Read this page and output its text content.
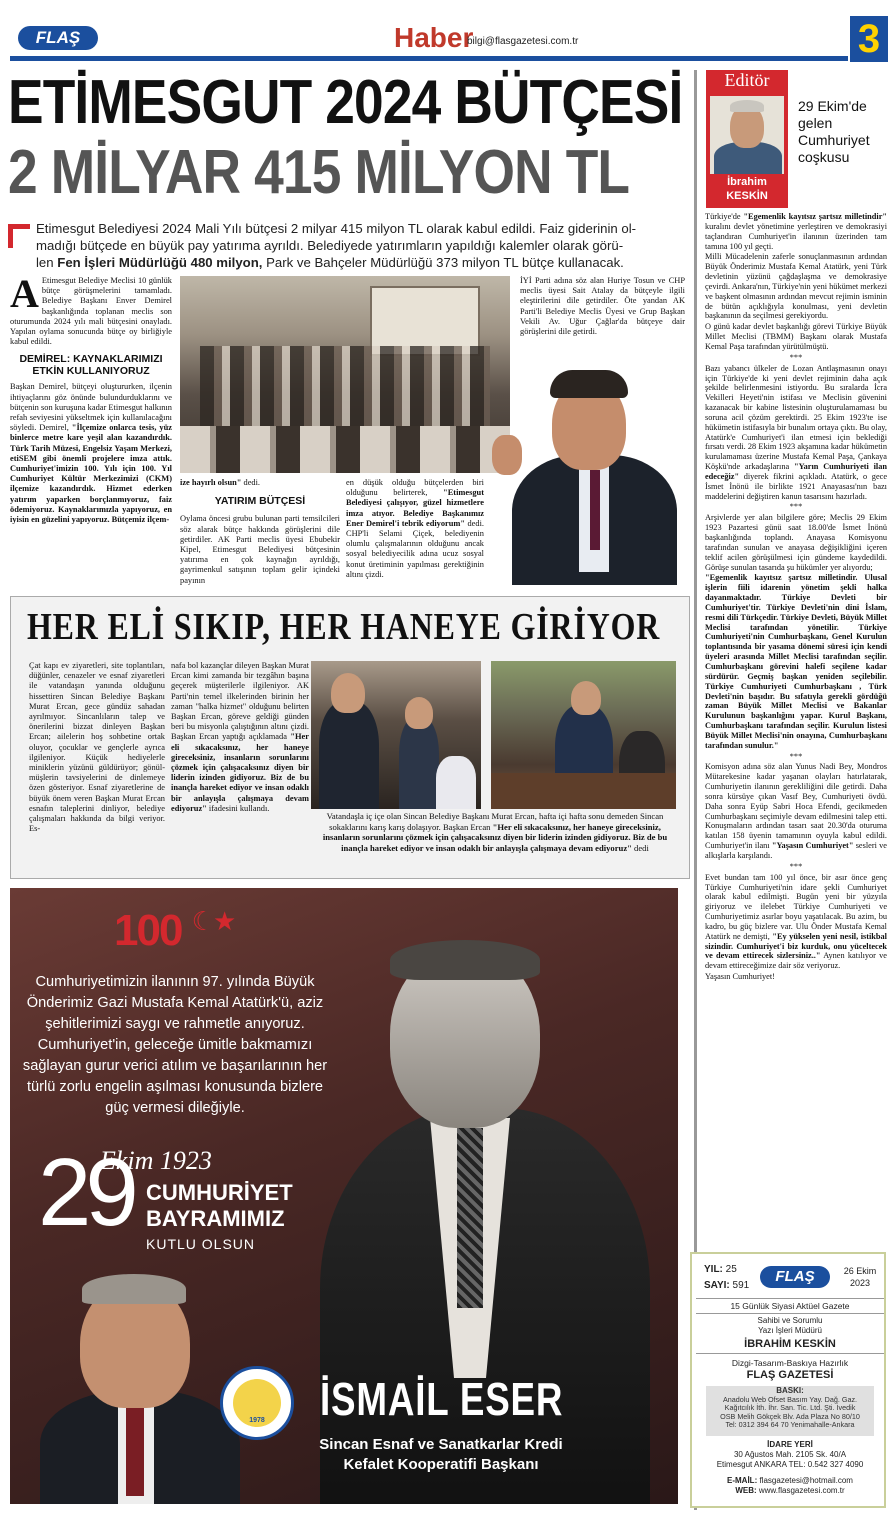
FLAŞ	Haber
bilgi@flasgazetesi.com.tr	3
ETİMESGUT 2024 BÜTÇESİ
2 MİLYAR 415 MİLYON TL
Etimesgut Belediyesi 2024 Mali Yılı bütçesi 2 milyar 415 milyon TL olarak kabul edildi. Faiz giderinin ol-
madığı bütçede en büyük pay yatırıma ayrıldı. Belediyede yatırımların yapıldığı kalemler olarak görü-
len Fen İşleri Müdürlüğü 480 milyon, Park ve Bahçeler Müdürlüğü 373 milyon TL bütçe kullanacak.
A Etimesgut Belediye Meclisi 10 günlük bütçe görüşmelerini tamamladı. Belediye Başkanı Enver Demirel başkanlığında toplanan meclis son oturumunda 2024 yılı mali bütçesini onayladı. Yapılan oylama sonucunda bütçe oy birliğiyle kabul edildi.

DEMİREL: KAYNAKLARIMIZI ETKİN KULLANIYORUZ

Başkan Demirel, bütçeyi oluştururken, ilçenin ihtiyaçlarını göz önünde bulundurduklarını ve bütçenin son kuruşuna kadar Etimesgut halkının refah seviyesini yükseltmek için kullanılacağını söyledi. Demirel, "İlçemize onlarca tesis, yüz binlerce metre kare yeşil alan kazandırdık. Türk Tarih Müzesi, Engelsiz Yaşam Merkezi, etiSEM gibi önemli projelere imza attık. Cumhuriyet'imizin 100. Yılı için 100. Yıl Cumhuriyet Kültür Merkezimizi (CKM) ilçemize kazandırdık. Hizmet ederken yatırım yaparken borçlanmıyoruz, faiz ödemiyoruz. Kaynaklarımızla yapıyoruz, en iyisin en güzelini yapıyoruz. Bütçemiz ilçem-

İYİ Parti adına söz alan Huriye Tosun ve CHP meclis üyesi Sait Atalay da bütçeyle ilgili eleştirilerini dile getirdiler. Öte yandan AK Parti'li Belediye Meclis Üyesi ve Grup Başkan Vekili Av. Uğur Çağlar'da bütçeye dair görüşlerini dile getirdi.

ize hayırlı olsun" dedi.

YATIRIM BÜTÇESİ

Oylama öncesi grubu bulunan parti temsilcileri söz alarak bütçe hakkında görüşlerini dile getirdiler. AK Parti meclis üyesi Ebubekir Kipel, Etimesgut Belediyesi bütçesinin yatırıma en çok kaynağın ayrıldığı, gayrimenkul satışının toplam gelir içindeki payının

en düşük olduğu bütçelerden biri olduğunu belirterek, "Etimesgut Belediyesi çalışıyor, güzel hizmetlere imza atıyor. Belediye Başkanımız Ener Demirel'i tebrik ediyorum" dedi. CHP'li Selami Çiçek, belediyenin olumlu çalışmalarının olduğunu ancak sosyal belediyecilik adına ucuz sosyal konut üretiminin yapılması gerektiğinin altını çizdi.

HER ELİ SIKIP, HER HANEYE GİRİYOR
Çat kapı ev ziyaretleri, site toplantıları, düğünler, cenazeler ve esnaf ziyaretleri ile vatandaşın yanında olduğunu hissettiren Sincan Belediye Başkanı Murat Ercan, gece gündüz sahadan ayrılmıyor. Sincanlıların talep ve önerilerini bizzat dinleyen Başkan Ercan; ailelerin hoş sohbetine ortak oluyor, çocuklar ve gençlerle ayrıca ilgileniyor. Küçük hediyelerle miniklerin yüzünü güldürüyor; gönülmüşlerin tavsiyelerini de dinlemeye özen gösteriyor. Esnaf ziyaretlerine de büyük önem veren Başkan Murat Ercan esnafın taleplerini dinliyor, belediye çalışmaları hakkında da bilgi veriyor. Es-
nafa bol kazançlar dileyen Başkan Murat Ercan kimi zamanda bir tezgâhın başına geçerek müşterilerle ilgileniyor. AK Parti'nin temel ilkelerinden birinin her zaman "halka hizmet" olduğunu belirten Başkan Ercan, göreve geldiği günden beri bu misyonla çalıştığının altını çizdi. Başkan Ercan yaptığı açıklamada "Her eli sıkacaksınız, her haneye gireceksiniz, insanların sorunlarını çözmek için çalışacaksınız diyen bir liderin izinden gidiyoruz. Biz de bu inançla hareket ediyor ve insan odaklı bir anlayışla çalışmaya devam ediyoruz" ifadesini kullandı.
Vatandaşla iç içe olan Sincan Belediye Başkanı Murat Ercan, hafta içi hafta sonu demeden Sincan sokaklarını karış karış dolaşıyor. Başkan Ercan "Her eli sıkacaksınız, her haneye gireceksiniz, insanların sorunlarını çözmek için çalışacaksınız diyen bir liderin izinden gidiyoruz. Biz de bu inançla hareket ediyor ve insan odaklı bir anlayışla çalışmaya devam ediyoruz" dedi
100 ☾★
Cumhuriyetimizin ilanının 97. yılında Büyük Önderimiz Gazi Mustafa Kemal Atatürk'ü, aziz şehitlerimizi saygı ve rahmetle anıyoruz. Cumhuriyet'in, geleceğe ümitle bakmamızı sağlayan gurur verici atılım ve başarılarının her türlü zorlu engelin aşılması konusunda bizlere güç vermesi dileğiyle.
29
Ekim 1923
CUMHURİYET
BAYRAMIMIZ
KUTLU OLSUN
1978	İSMAİL ESER
Sincan Esnaf ve Sanatkarlar Kredi
Kefalet Kooperatifi Başkanı
Editör
İbrahim
KESKİN
29 Ekim'de gelen Cumhuriyet coşkusu

Türkiye'de "Egemenlik kayıtsız şartsız milletindir" kuralını devlet yönetimine yerleştiren ve demokrasiyi taçlandıran Cumhuriyet'in ilanının üzerinden tam tamına 100 yıl geçti.

Milli Mücadelenin zaferle sonuçlanmasının ardından Büyük Önderimiz Mustafa Kemal Atatürk, yeni Türk devletinin yüzünü çağdaşlaşma ve demokrasiye çevirdi. Ankara'nın, Türkiye'nin yeni hükümet merkezi ve başkent olmasının ardından mevcut rejimin isminin de bütün açıklığıyla konulması, yeni devletin başkanının da seçilmesi gerekiyordu.

O günü kadar devlet başkanlığı görevi Türkiye Büyük Millet Meclisi (TBMM) Başkanı olarak Mustafa Kemal Paşa tarafından yürütülmüştü.

***

Bazı yabancı ülkeler de Lozan Antlaşmasının onayı için Türkiye'de ki yeni devlet rejiminin daha açık şekilde belirlenmesini istiyordu. Bu sıralarda İcra Vekilleri Heyeti'nin istifası ve Meclisin güvenini kazanacak bir kabine listesinin oluşturulamaması bu soruna acil çözüm gerektirdi. 25 Ekim 1923'te ise hükümetin istifasıyla bir bunalım ortaya çıktı. Bu olay, Atatürk'e Cumhuriyet'i ilan etmesi için beklediği fırsatı verdi. 28 Ekim 1923 akşamına kadar hükümetin kurulamaması üzerine Mustafa Kemal Paşa, Çankaya Köşkü'nde arkadaşlarına "Yarın Cumhuriyeti ilan edeceğiz" diyerek fikrini açıkladı. Atatürk, o gece İsmet İnönü ile birlikte 1921 Anayasası'nın bazı maddelerini değiştiren kanun tasarısını hazırladı.

***

Arşivlerde yer alan bilgilere göre; Meclis 29 Ekim 1923 Pazartesi günü saat 18.00'de İsmet İnönü başkanlığında toplandı. Anayasa Komisyonu tarafından sunulan ve anayasa değişikliğini içeren teklif acilen görüşülmesi için gündeme kaydedildi. Görüşe sunulan tasarıda şu hükümler yer alıyordu;

"Egemenlik kayıtsız şartsız milletindir. Ulusal işlerin fiili idarenin yönetim şekli halka dayanmaktadır. Türkiye Devleti bir Cumhuriyet'tir. Türkiye Devleti'nin dini İslam, resmi dili Türkçedir. Türkiye Devleti, Büyük Millet Meclisi tarafından yönetilir. Türkiye Cumhuriyeti'nin Cumhurbaşkanı, Genel Kurulun toplantısında bir yasama dönemi süresi için kendi üyeleri arasında Millet Meclisi tarafından seçilir. Cumhurbaşkanı görevini halefi seçilene kadar sürdürür. Geçmiş başkan yeniden seçilebilir. Türkiye Cumhuriyeti Cumhurbaşkanı , Türk Devleti'nin başıdır. Bu sıfatıyla gerekli gördüğü zaman Büyük Millet Meclisi ve Bakanlar Kurulunun başkanlığını yapar. Kurul Başkanı, Cumhurbaşkanı tarafından seçilir. Kurulun listesi Büyük Millet Meclisi'nin onayına, Cumhurbaşkanı tarafından sunulur."

***

Komisyon adına söz alan Yunus Nadi Bey, Mondros Mütarekesine kadar yaşanan olayları hatırlatarak, Cumhuriyetin ilanının gerekliliğini dile getirdi. Daha sonra kürsüye çıkan Vasıf Bey, Cumhuriyeti övdü. Daha sonra Eyüp Sabri Hoca Efendi, gecikmeden Cumhurbaşkanı seçimiyle devam edilmesini talep etti. Konuşmaların ardından tasarı saat 20.30'da oturuma katılan 158 üyenin tamamının oyuyla kabul edildi. Cumhuriyet'in ilanı "Yaşasın Cumhuriyet" sesleri ve alkışlarla karşılandı.

***

Evet bundan tam 100 yıl önce, bir asır önce genç Türkiye Cumhuriyeti'nin idare şekli Cumhuriyet olarak kabul edilmişti. Bugün yeni bir yüzyıla giriyoruz ve ilelebet Türkiye Cumhuriyeti ve Cumhuriyetimiz asırlar boyu yaşatılacak. Bu azim, bu kadro, bu güç bizlere var. Ulu Önder Mustafa Kemal Atatürk ne demişti, "Ey yükselen yeni nesil, istikbal sizindir. Cumhuriyet'i biz kurduk, onu yüceltecek ve devam ettirecek sizlersiniz.." Aynen katılıyor ve devam ettireceğimize dair söz veriyoruz.

Yaşasın Cumhuriyet!

YIL: 25
SAYI: 591
FLAŞ	26 Ekim
2023
15 Günlük Siyasi Aktüel Gazete
Sahibi ve Sorumlu
Yazı İşleri Müdürü
İBRAHİM KESKİN
Dizgi-Tasarım-Baskıya Hazırlık
FLAŞ GAZETESİ
BASKI:
Anadolu Web Ofset Basım Yay. Dağ. Gaz.
Kağıtcılık İth. İhr. San. Tic. Ltd. Şti. İvedik
OSB Melih Gökçek Blv. Ada Plaza No 80/10
Tel: 0312 394 64 70 Yenimahalle-Ankara
İDARE YERİ
30 Ağustos Mah. 2105 Sk. 40/A
Etimesgut ANKARA TEL: 0.542 327 4090
E-MAİL: flasgazetesi@hotmail.com
WEB: www.flasgazetesi.com.tr
